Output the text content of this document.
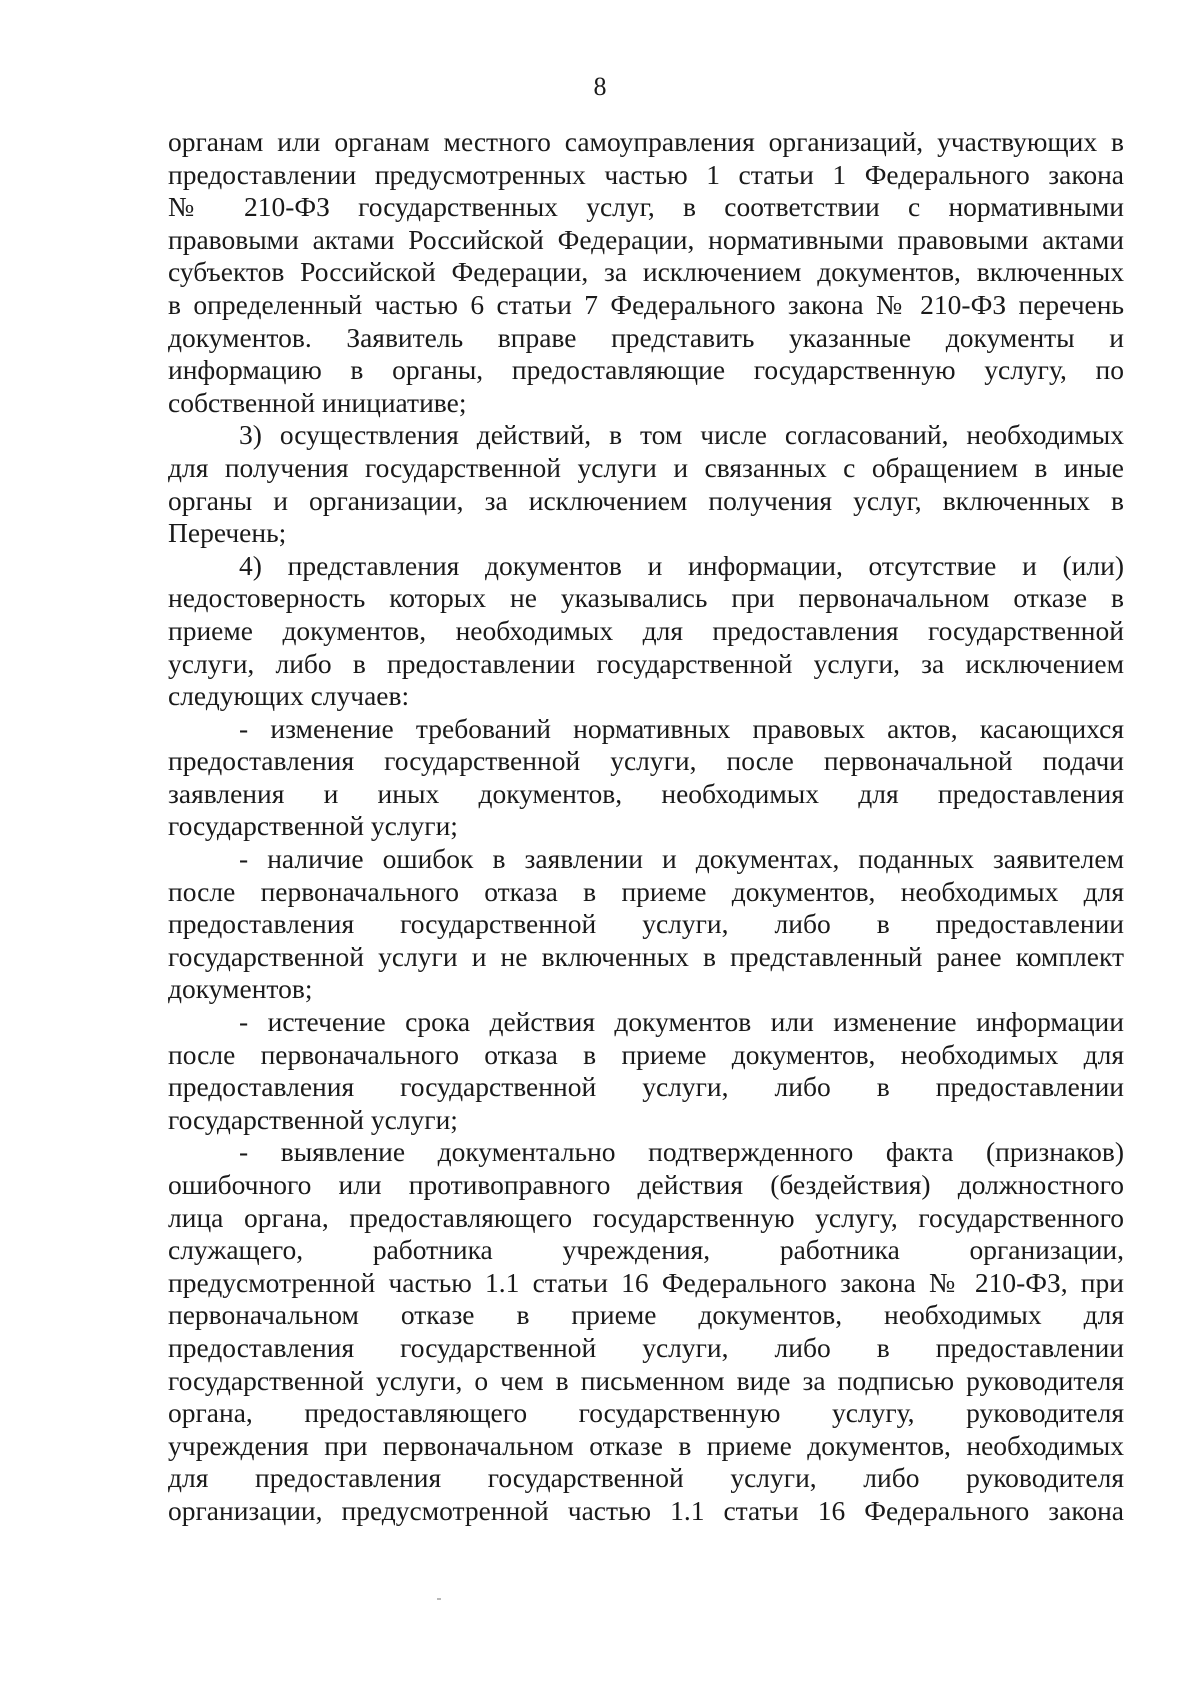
8
органам или органам местного самоуправления организаций, участвующих в
предоставлении предусмотренных частью 1 статьи 1 Федерального закона
№ 210-ФЗ государственных услуг, в соответствии с нормативными
правовыми актами Российской Федерации, нормативными правовыми актами
субъектов Российской Федерации, за исключением документов, включенных
в определенный частью 6 статьи 7 Федерального закона № 210-ФЗ перечень
документов. Заявитель вправе представить указанные документы и
информацию в органы, предоставляющие государственную услугу, по
собственной инициативе;
3) осуществления действий, в том числе согласований, необходимых
для получения государственной услуги и связанных с обращением в иные
органы и организации, за исключением получения услуг, включенных в
Перечень;
4) представления документов и информации, отсутствие и (или)
недостоверность которых не указывались при первоначальном отказе в
приеме документов, необходимых для предоставления государственной
услуги, либо в предоставлении государственной услуги, за исключением
следующих случаев:
- изменение требований нормативных правовых актов, касающихся
предоставления государственной услуги, после первоначальной подачи
заявления и иных документов, необходимых для предоставления
государственной услуги;
- наличие ошибок в заявлении и документах, поданных заявителем
после первоначального отказа в приеме документов, необходимых для
предоставления государственной услуги, либо в предоставлении
государственной услуги и не включенных в представленный ранее комплект
документов;
- истечение срока действия документов или изменение информации
после первоначального отказа в приеме документов, необходимых для
предоставления государственной услуги, либо в предоставлении
государственной услуги;
- выявление документально подтвержденного факта (признаков)
ошибочного или противоправного действия (бездействия) должностного
лица органа, предоставляющего государственную услугу, государственного
служащего, работника учреждения, работника организации,
предусмотренной частью 1.1 статьи 16 Федерального закона № 210-ФЗ, при
первоначальном отказе в приеме документов, необходимых для
предоставления государственной услуги, либо в предоставлении
государственной услуги, о чем в письменном виде за подписью руководителя
органа, предоставляющего государственную услугу, руководителя
учреждения при первоначальном отказе в приеме документов, необходимых
для предоставления государственной услуги, либо руководителя
организации, предусмотренной частью 1.1 статьи 16 Федерального закона
